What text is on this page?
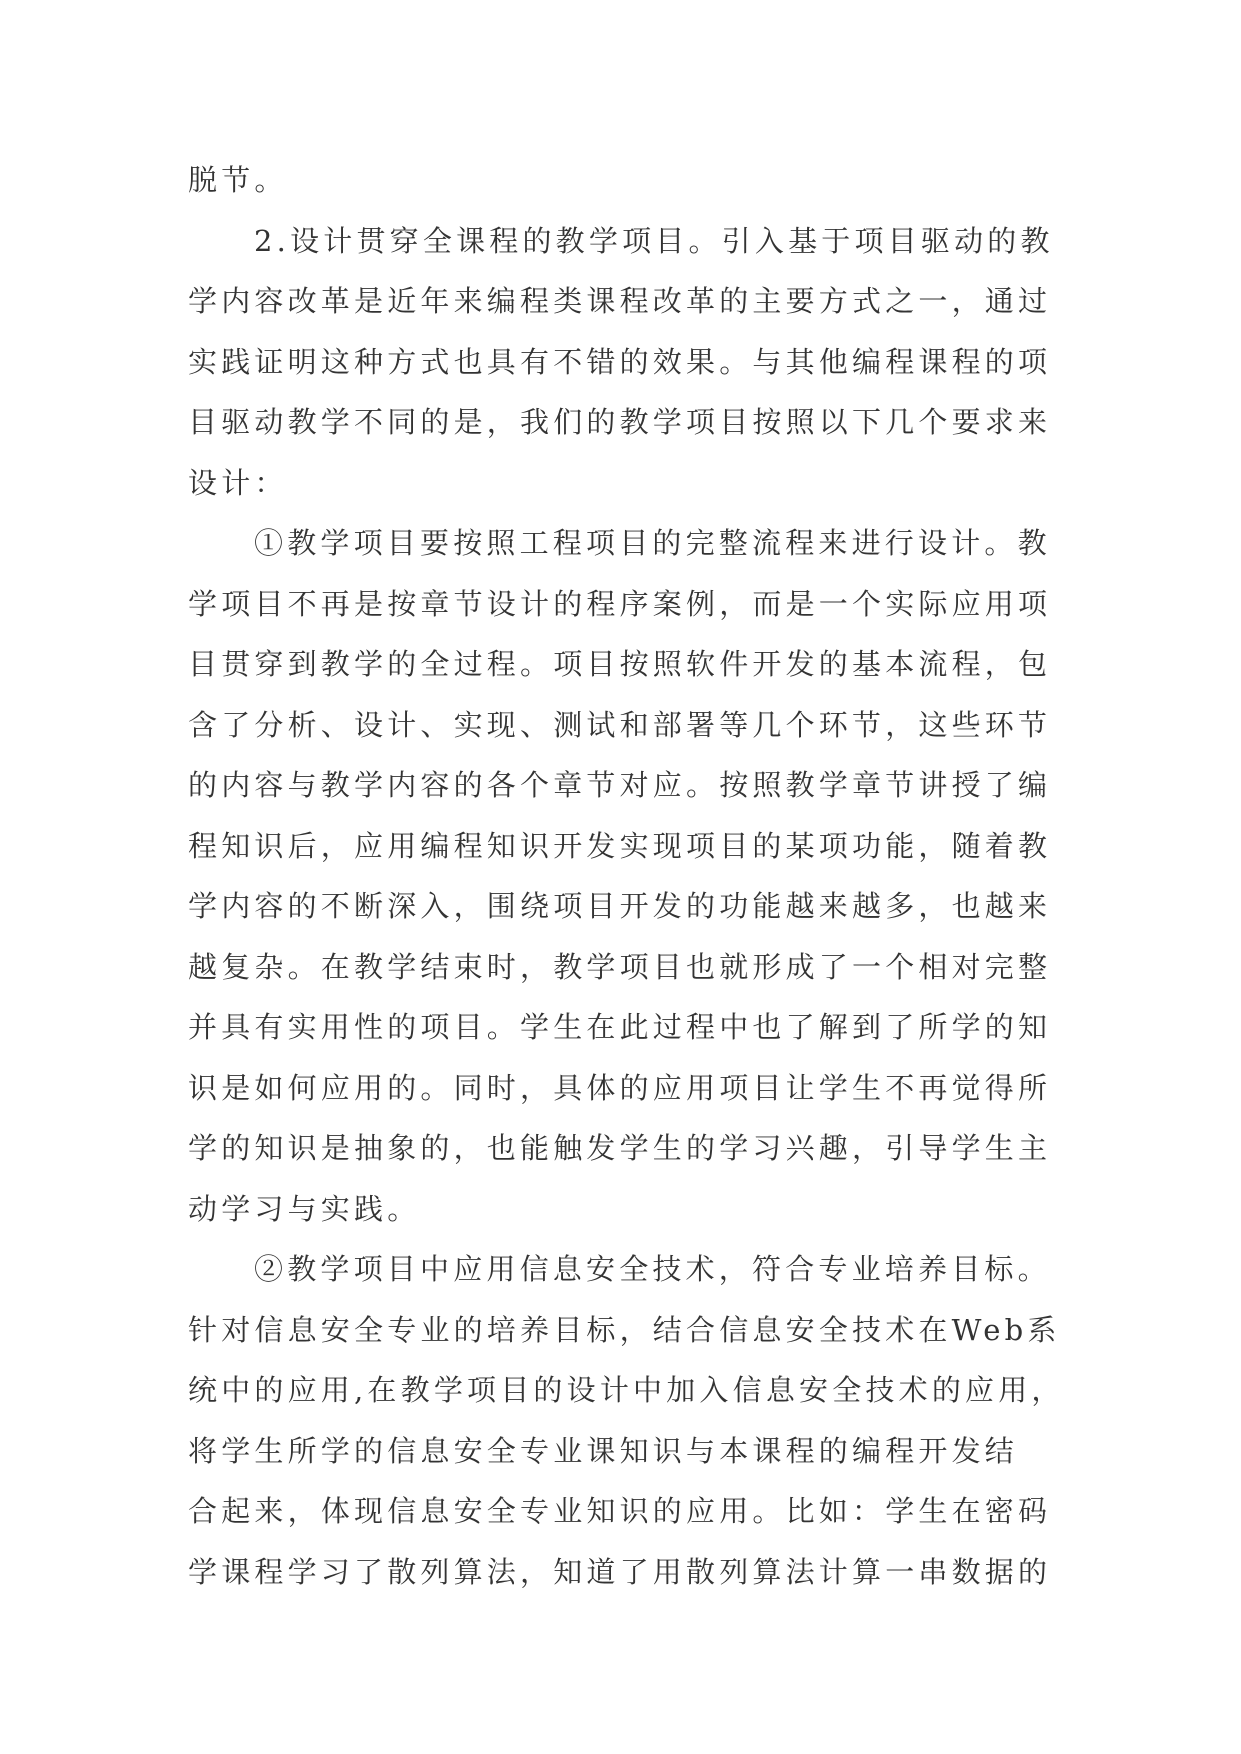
脱节。
2.设计贯穿全课程的教学项目。引入基于项目驱动的教
学内容改革是近年来编程类课程改革的主要方式之一，通过
实践证明这种方式也具有不错的效果。与其他编程课程的项
目驱动教学不同的是，我们的教学项目按照以下几个要求来
设计：
①教学项目要按照工程项目的完整流程来进行设计。教
学项目不再是按章节设计的程序案例，而是一个实际应用项
目贯穿到教学的全过程。项目按照软件开发的基本流程，包
含了分析、设计、实现、测试和部署等几个环节，这些环节
的内容与教学内容的各个章节对应。按照教学章节讲授了编
程知识后，应用编程知识开发实现项目的某项功能，随着教
学内容的不断深入，围绕项目开发的功能越来越多，也越来
越复杂。在教学结束时，教学项目也就形成了一个相对完整
并具有实用性的项目。学生在此过程中也了解到了所学的知
识是如何应用的。同时，具体的应用项目让学生不再觉得所
学的知识是抽象的，也能触发学生的学习兴趣，引导学生主
动学习与实践。
②教学项目中应用信息安全技术，符合专业培养目标。
针对信息安全专业的培养目标，结合信息安全技术在Web系
统中的应用,在教学项目的设计中加入信息安全技术的应用，
将学生所学的信息安全专业课知识与本课程的编程开发结
合起来，体现信息安全专业知识的应用。比如：学生在密码
学课程学习了散列算法，知道了用散列算法计算一串数据的
